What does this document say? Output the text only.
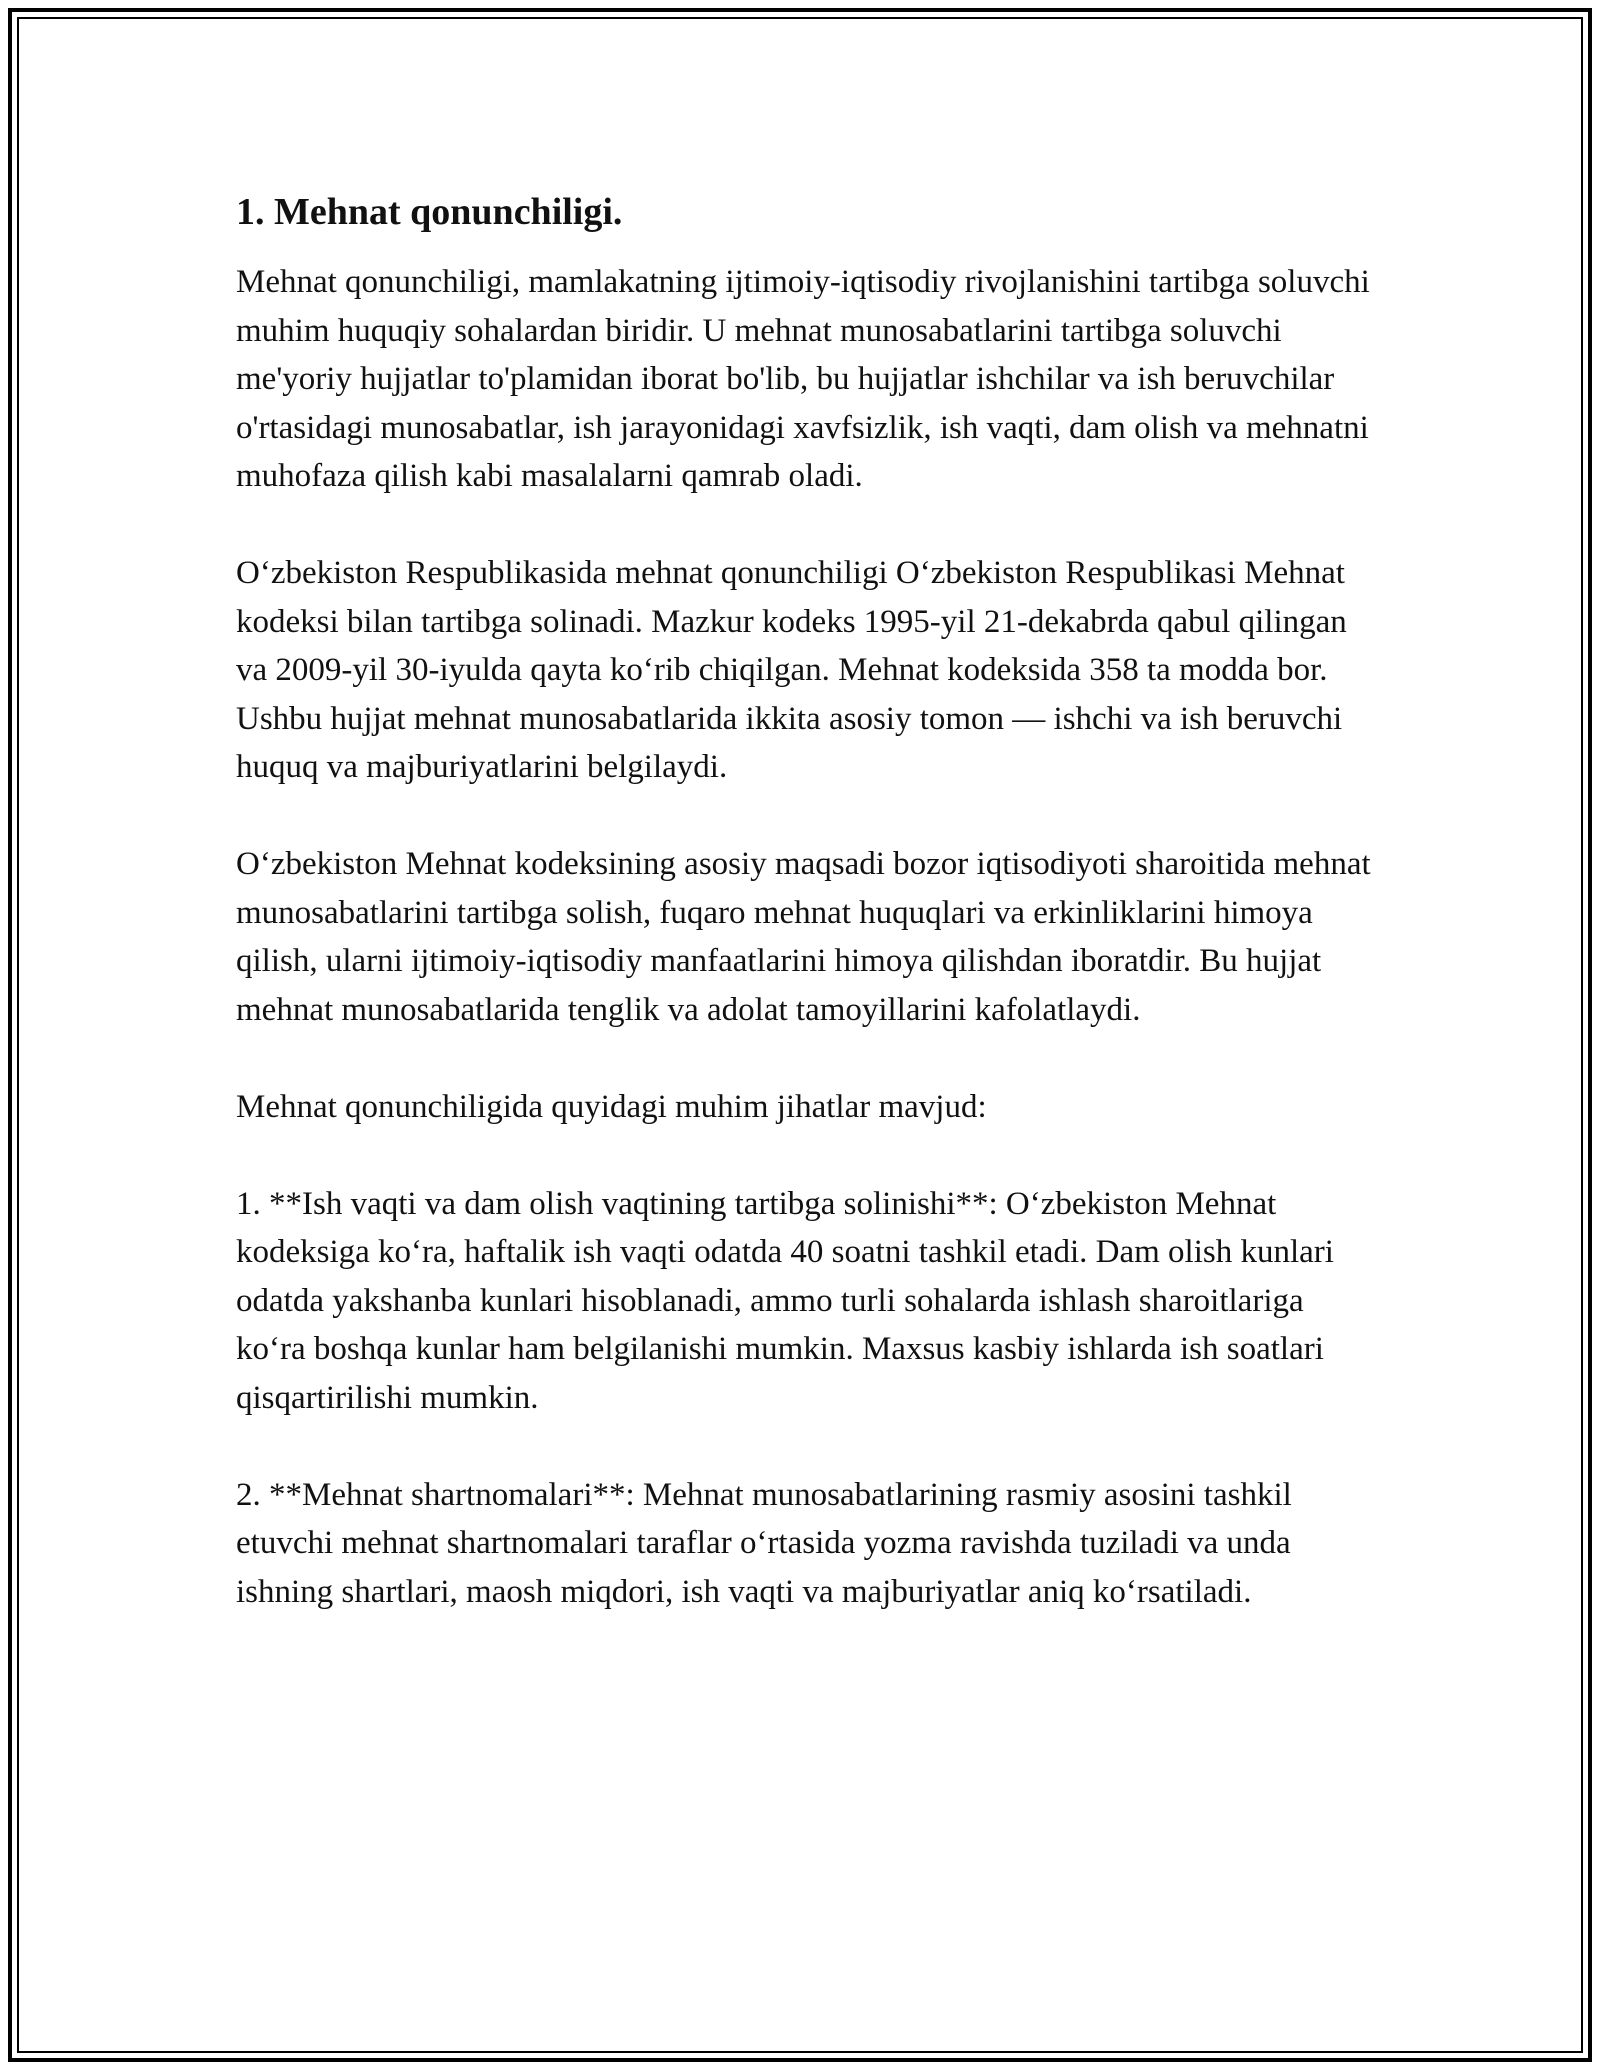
1. Mehnat qonunchiligi.

Mehnat qonunchiligi, mamlakatning ijtimoiy-iqtisodiy rivojlanishini tartibga soluvchi muhim huquqiy sohalardan biridir. U mehnat munosabatlarini tartibga soluvchi me'yoriy hujjatlar to'plamidan iborat bo'lib, bu hujjatlar ishchilar va ish beruvchilar o'rtasidagi munosabatlar, ish jarayonidagi xavfsizlik, ish vaqti, dam olish va mehnatni muhofaza qilish kabi masalalarni qamrab oladi.

O‘zbekiston Respublikasida mehnat qonunchiligi O‘zbekiston Respublikasi Mehnat kodeksi bilan tartibga solinadi. Mazkur kodeks 1995-yil 21-dekabrda qabul qilingan va 2009-yil 30-iyulda qayta ko‘rib chiqilgan. Mehnat kodeksida 358 ta modda bor. Ushbu hujjat mehnat munosabatlarida ikkita asosiy tomon — ishchi va ish beruvchi huquq va majburiyatlarini belgilaydi.

O‘zbekiston Mehnat kodeksining asosiy maqsadi bozor iqtisodiyoti sharoitida mehnat munosabatlarini tartibga solish, fuqaro mehnat huquqlari va erkinliklarini himoya qilish, ularni ijtimoiy-iqtisodiy manfaatlarini himoya qilishdan iboratdir. Bu hujjat mehnat munosabatlarida tenglik va adolat tamoyillarini kafolatlaydi.

Mehnat qonunchiligida quyidagi muhim jihatlar mavjud:

1. **Ish vaqti va dam olish vaqtining tartibga solinishi**: O‘zbekiston Mehnat kodeksiga ko‘ra, haftalik ish vaqti odatda 40 soatni tashkil etadi. Dam olish kunlari odatda yakshanba kunlari hisoblanadi, ammo turli sohalarda ishlash sharoitlariga ko‘ra boshqa kunlar ham belgilanishi mumkin. Maxsus kasbiy ishlarda ish soatlari qisqartirilishi mumkin.

2. **Mehnat shartnomalari**: Mehnat munosabatlarining rasmiy asosini tashkil etuvchi mehnat shartnomalari taraflar o‘rtasida yozma ravishda tuziladi va unda ishning shartlari, maosh miqdori, ish vaqti va majburiyatlar aniq ko‘rsatiladi.
